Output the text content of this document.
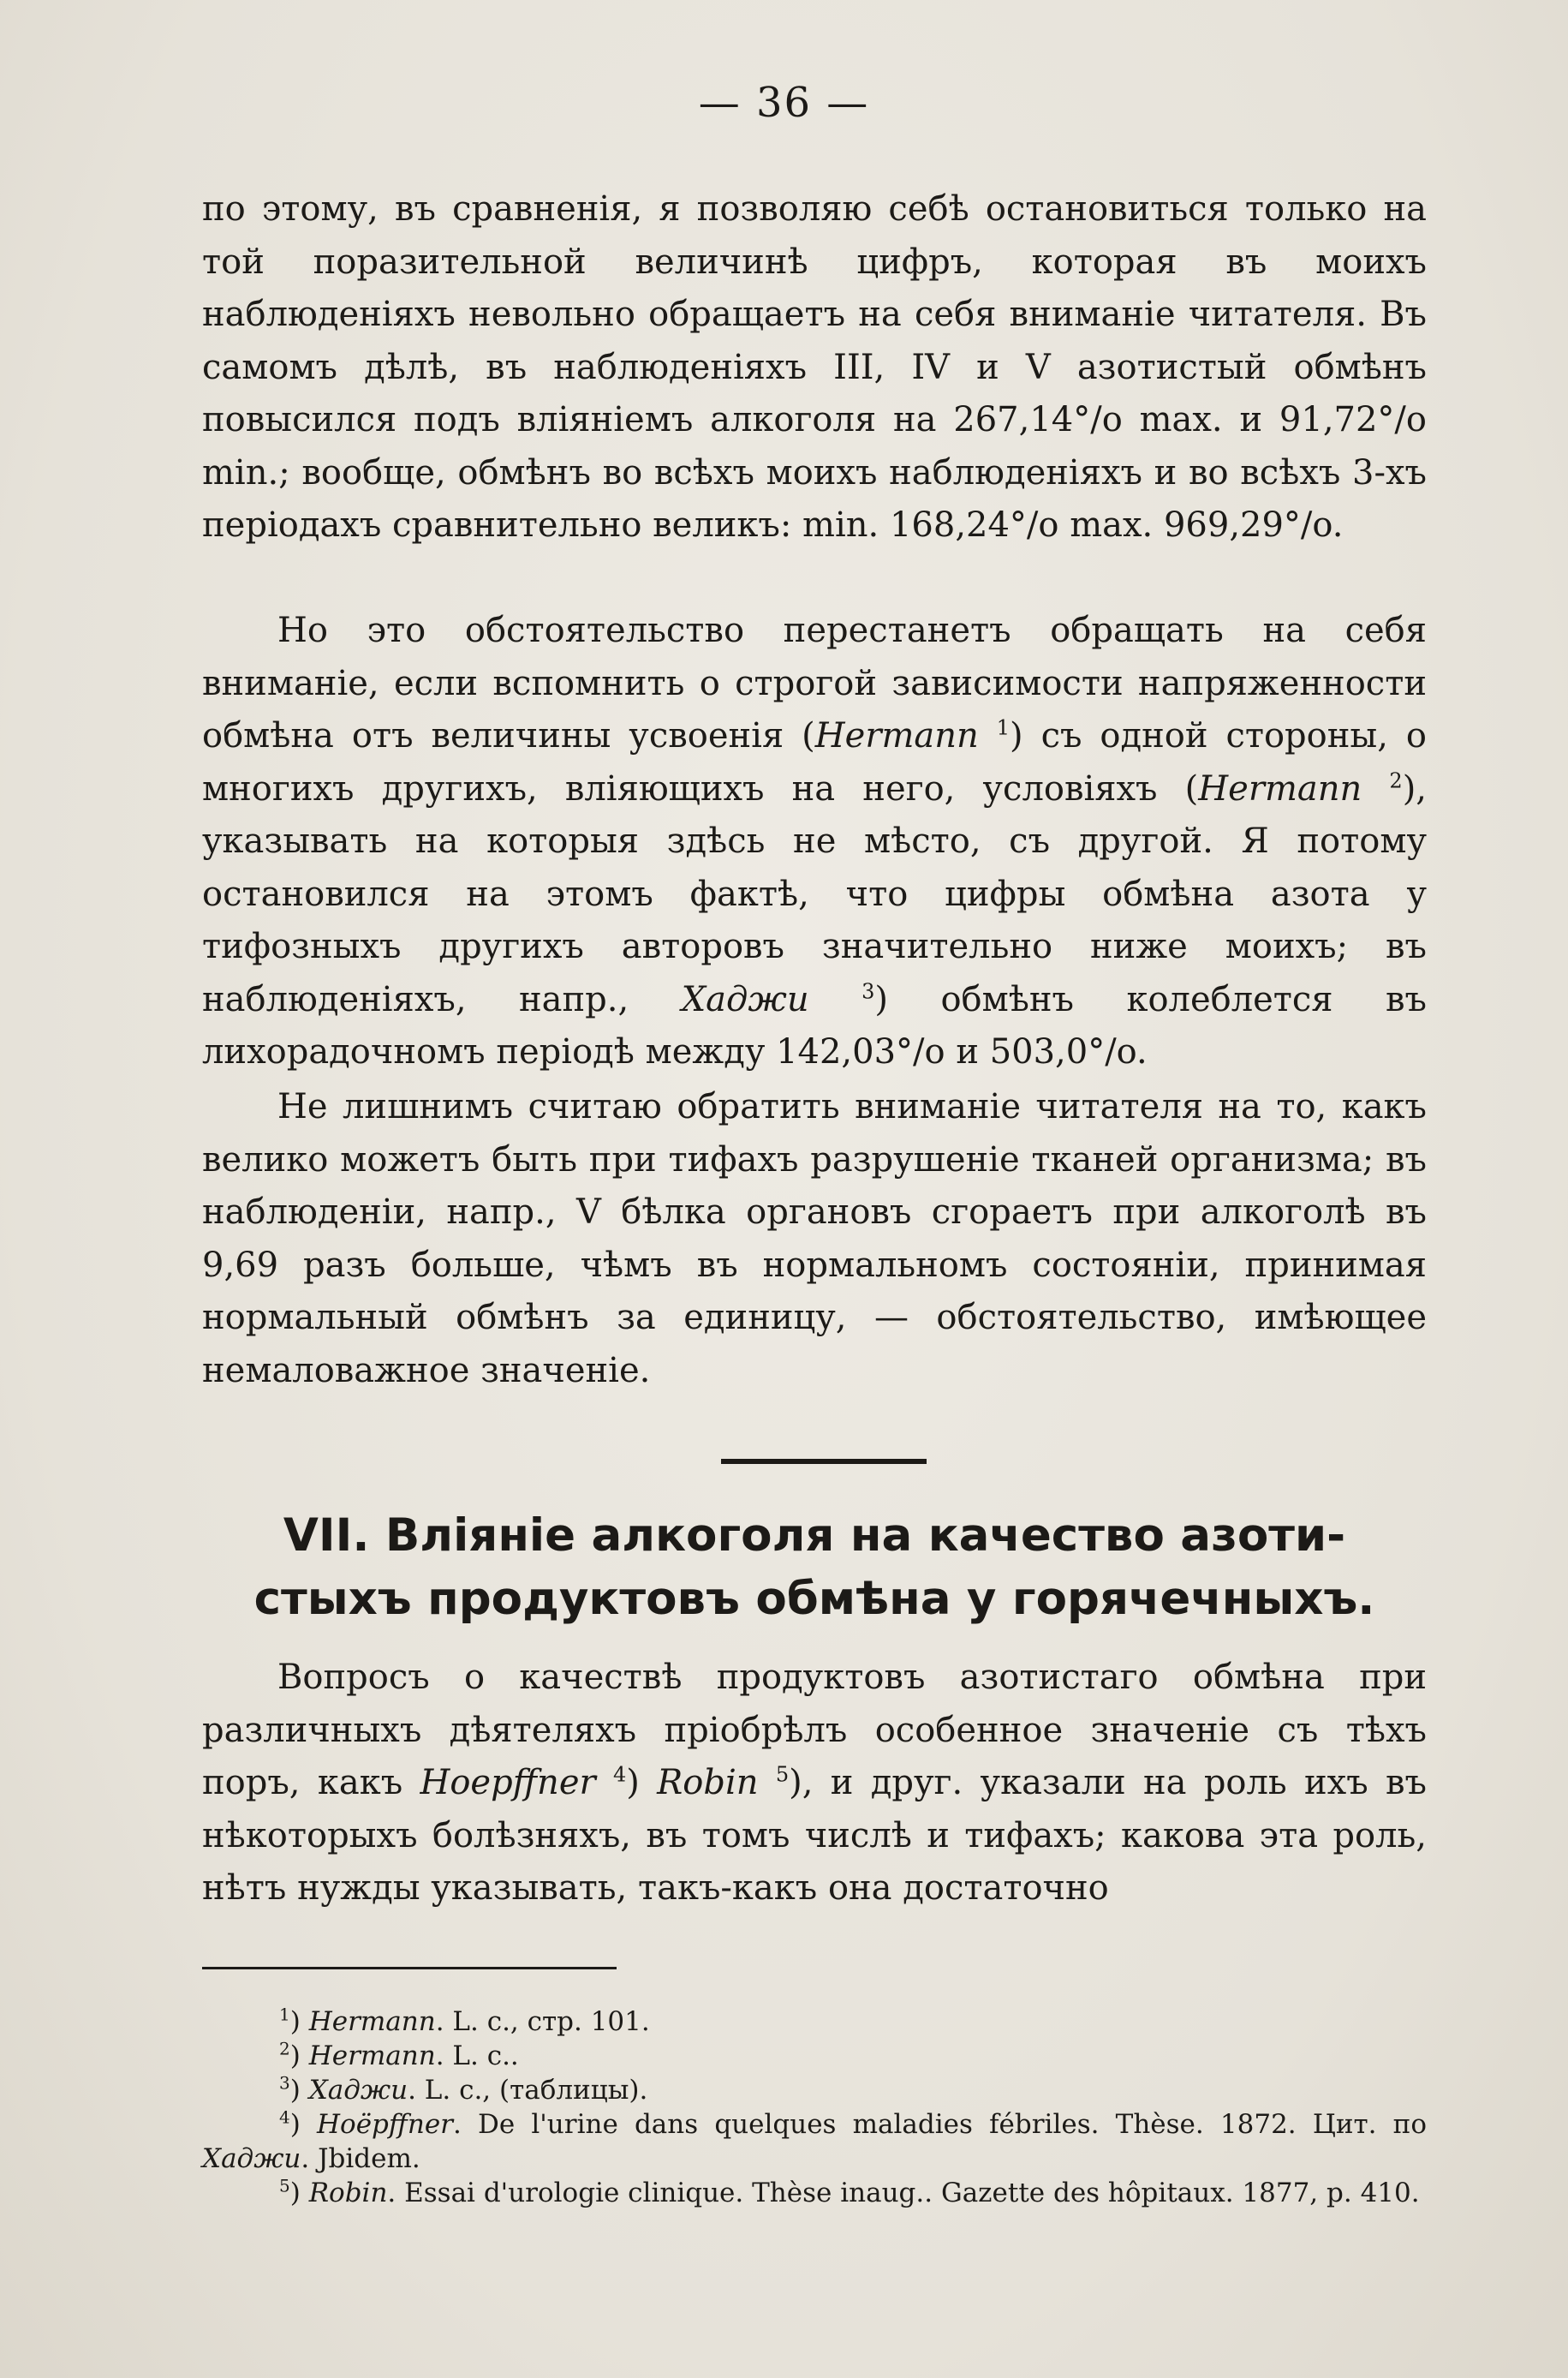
— 36 —

по этому, въ сравненія, я позволяю себѣ остановиться только на той поразительной величинѣ цифръ, которая въ моихъ наблюденіяхъ невольно обращаетъ на себя вниманіе читателя. Въ самомъ дѣлѣ, въ наблюденіяхъ III, IV и V азотистый обмѣнъ повысился подъ вліяніемъ алкоголя на 267,14°/o max. и 91,72°/o min.; вообще, обмѣнъ во всѣхъ моихъ наблюденіяхъ и во всѣхъ 3-хъ періодахъ сравнительно великъ: min. 168,24°/o max. 969,29°/o.

Но это обстоятельство перестанетъ обращать на себя вниманіе, если вспомнить о строгой зависимости напряженности обмѣна отъ величины усвоенія (Hermann $^1$) съ одной стороны, о многихъ другихъ, вліяющихъ на него, условіяхъ (Hermann $^2$), указывать на которыя здѣсь не мѣсто, съ другой. Я потому остановился на этомъ фактѣ, что цифры обмѣна азота у тифозныхъ другихъ авторовъ значительно ниже моихъ; въ наблюденіяхъ, напр., Хаджи	$^3$) обмѣнъ колеблется въ лихорадочномъ періодѣ между 142,03°/o и 503,0°/o.

Не лишнимъ считаю обратить вниманіе читателя на то, какъ велико можетъ быть при тифахъ разрушеніе тканей организма; въ наблюденіи, напр., V бѣлка органовъ сгораетъ при алкоголѣ въ 9,69 разъ больше, чѣмъ въ нормальномъ состояніи, принимая нормальный обмѣнъ за единицу, — обстоятельство, имѣющее немаловажное значеніе.

VII. Вліяніе алкоголя на качество азоти-
стыхъ продуктовъ обмѣна у горячечныхъ.

Вопросъ о качествѣ продуктовъ азотистаго обмѣна при различныхъ дѣятеляхъ пріобрѣлъ особенное значеніе съ тѣхъ поръ, какъ Hoepffner $^4$) Robin $^5$), и друг. указали на роль ихъ въ нѣкоторыхъ болѣзняхъ, въ томъ числѣ и тифахъ; какова эта роль, нѣтъ нужды указывать, такъ-какъ она достаточно

$^1$) Hermann. L. с., стр. 101.

$^2$) Hermann. L. с..

$^3$) Хаджи. L. с., (таблицы).

$^4$) Hoëpffner. De l'urine dans quelques maladies fébriles. Thèse. 1872. Цит. по Хаджи. Jbidem.

$^5$) Robin. Essai d'urologie clinique. Thèse inaug.. Gazette des hôpitaux. 1877, p. 410.
